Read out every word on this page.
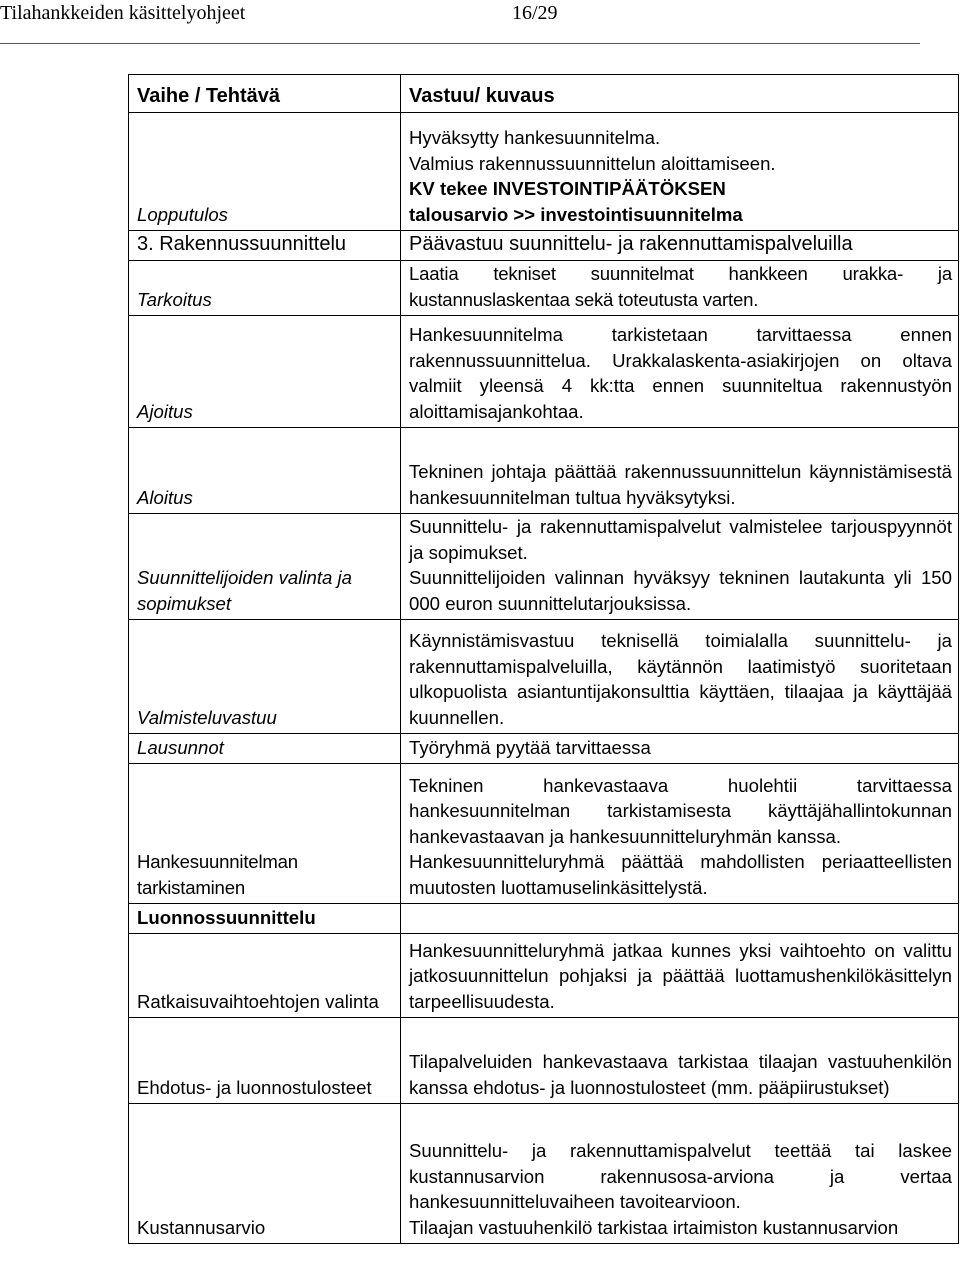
Tilahankkeiden käsittelyohjeet	16/29
Vaihe / Tehtävä	Vastuu/ kuvaus
Lopputulos	Hyväksytty hankesuunnitelma.
Valmius rakennussuunnittelun aloittamiseen.
KV tekee INVESTOINTIPÄÄTÖKSEN
talousarvio >> investointisuunnitelma

3. Rakennussuunnittelu	Päävastuu suunnittelu- ja rakennuttamispalveluilla
Tarkoitus	Laatia tekniset suunnitelmat hankkeen urakka- ja kustannuslaskentaa sekä toteutusta varten.
Ajoitus	Hankesuunnitelma tarkistetaan tarvittaessa ennen rakennussuunnittelua. Urakkalaskenta-asiakirjojen on oltava valmiit yleensä 4 kk:tta ennen suunniteltua rakennustyön aloittamisajankohtaa.
Aloitus	Tekninen johtaja päättää rakennussuunnittelun käynnistämisestä hankesuunnitelman tultua hyväksytyksi.
Suunnittelijoiden valinta ja sopimukset	Suunnittelu- ja rakennuttamispalvelut valmistelee tarjouspyynnöt ja sopimukset.
Suunnittelijoiden valinnan hyväksyy tekninen lautakunta yli 150 000 euron suunnittelutarjouksissa.

Valmisteluvastuu	Käynnistämisvastuu teknisellä toimialalla suunnittelu- ja rakennuttamispalveluilla, käytännön laatimistyö suoritetaan ulkopuolista asiantuntijakonsulttia käyttäen, tilaajaa ja käyttäjää kuunnellen.
Lausunnot	Työryhmä pyytää tarvittaessa
Hankesuunnitelman tarkistaminen	Tekninen hankevastaava huolehtii tarvittaessa hankesuunnitelman tarkistamisesta käyttäjähallintokunnan hankevastaavan ja hankesuunnitteluryhmän kanssa.
Hankesuunnitteluryhmä päättää mahdollisten periaatteellisten muutosten luottamuselinkäsittelystä.

Luonnossuunnittelu	
Ratkaisuvaihtoehtojen valinta	Hankesuunnitteluryhmä jatkaa kunnes yksi vaihtoehto on valittu jatkosuunnittelun pohjaksi ja päättää luottamushenkilökäsittelyn tarpeellisuudesta.
Ehdotus- ja luonnostulosteet	Tilapalveluiden hankevastaava tarkistaa tilaajan vastuuhenkilön kanssa ehdotus- ja luonnostulosteet (mm. pääpiirustukset)
Kustannusarvio	Suunnittelu- ja rakennuttamispalvelut teettää tai laskee kustannusarvion rakennusosa-arviona ja vertaa hankesuunnitteluvaiheen tavoitearvioon.
Tilaajan vastuuhenkilö tarkistaa irtaimiston kustannusarvion
